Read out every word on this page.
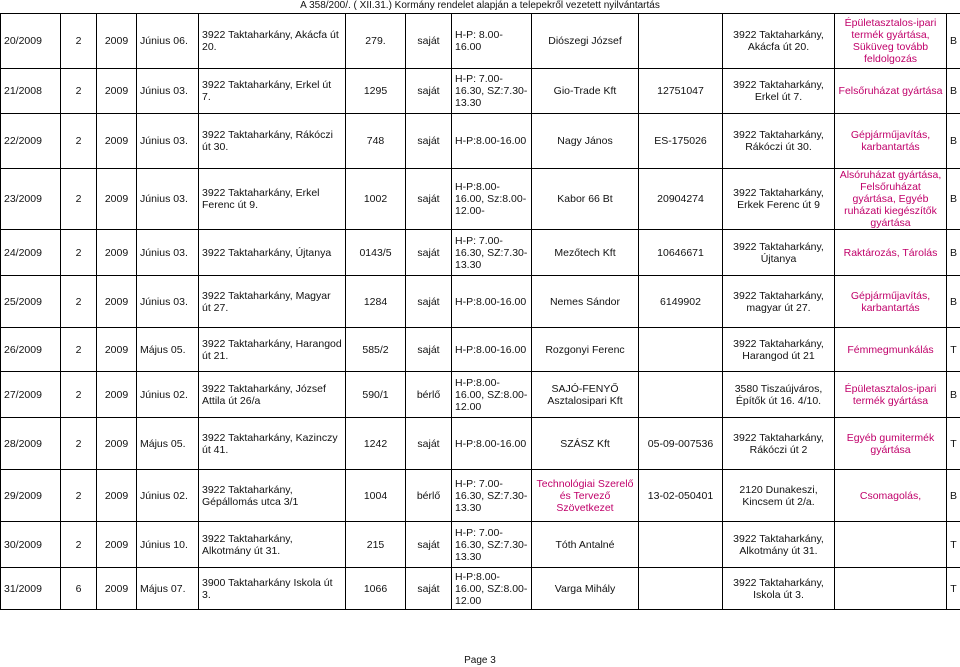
A 358/200/. ( XII.31.) Kormány rendelet alapján a telepekről vezetett nyilvántartás
20/2009	2	2009	Június 06.	3922 Taktaharkány, Akácfa út 20.	279.	saját	H-P: 8.00-16.00	Diószegi József		3922 Taktaharkány, Akácfa út 20.	Épületasztalos-ipari termék gyártása, Süküveg tovább feldolgozás	B
21/2008	2	2009	Június 03.	3922 Taktaharkány, Erkel út 7.	1295	saját	H-P: 7.00-16.30, SZ:7.30-13.30	Gio-Trade Kft	12751047	3922 Taktaharkány, Erkel út 7.	Felsőruházat gyártása	B
22/2009	2	2009	Június 03.	3922 Taktaharkány, Rákóczi út 30.	748	saját	H-P:8.00-16.00	Nagy János	ES-175026	3922 Taktaharkány, Rákóczi út 30.	Gépjárműjavítás, karbantartás	B
23/2009	2	2009	Június 03.	3922 Taktaharkány, Erkel Ferenc út 9.	1002	saját	H-P:8.00-16.00, Sz:8.00-12.00-	Kabor 66 Bt	20904274	3922 Taktaharkány, Erkek Ferenc út 9	Alsóruházat gyártása, Felsőruházat gyártása, Egyéb ruházati kiegészítők gyártása	B
24/2009	2	2009	Június 03.	3922 Taktaharkány, Újtanya	0143/5	saját	H-P: 7.00-16.30, SZ:7.30-13.30	Mezőtech Kft	10646671	3922 Taktaharkány, Újtanya	Raktározás, Tárolás	B
25/2009	2	2009	Június 03.	3922 Taktaharkány, Magyar út 27.	1284	saját	H-P:8.00-16.00	Nemes Sándor	6149902	3922 Taktaharkány, magyar út 27.	Gépjárműjavítás, karbantartás	B
26/2009	2	2009	Május 05.	3922 Taktaharkány, Harangod út 21.	585/2	saját	H-P:8.00-16.00	Rozgonyi Ferenc		3922 Taktaharkány, Harangod út 21	Fémmegmunkálás	T
27/2009	2	2009	Június 02.	3922 Taktaharkány, József Attila út 26/a	590/1	bérlő	H-P:8.00-16.00, SZ:8.00-12.00	SAJÓ-FENYŐ Asztalosipari Kft		3580 Tiszaújváros, Építők út 16. 4/10.	Épületasztalos-ipari termék gyártása	B
28/2009	2	2009	Május 05.	3922 Taktaharkány, Kazinczy út 41.	1242	saját	H-P:8.00-16.00	SZÁSZ Kft	05-09-007536	3922 Taktaharkány, Rákóczi út 2	Egyéb gumitermék gyártása	T
29/2009	2	2009	Június 02.	3922 Taktaharkány, Gépállomás utca 3/1	1004	bérlő	H-P: 7.00-16.30, SZ:7.30-13.30	Technológiai Szerelő és Tervező Szövetkezet	13-02-050401	2120 Dunakeszi, Kincsem út 2/a.	Csomagolás,	B
30/2009	2	2009	Június 10.	3922 Taktaharkány, Alkotmány út 31.	215	saját	H-P: 7.00-16.30, SZ:7.30-13.30	Tóth Antalné		3922 Taktaharkány, Alkotmány út 31.		T
31/2009	6	2009	Május 07.	3900 Taktaharkány Iskola út 3.	1066	saját	H-P:8.00-16.00, SZ:8.00-12.00	Varga Mihály		3922 Taktaharkány, Iskola út 3.		T
Page 3
